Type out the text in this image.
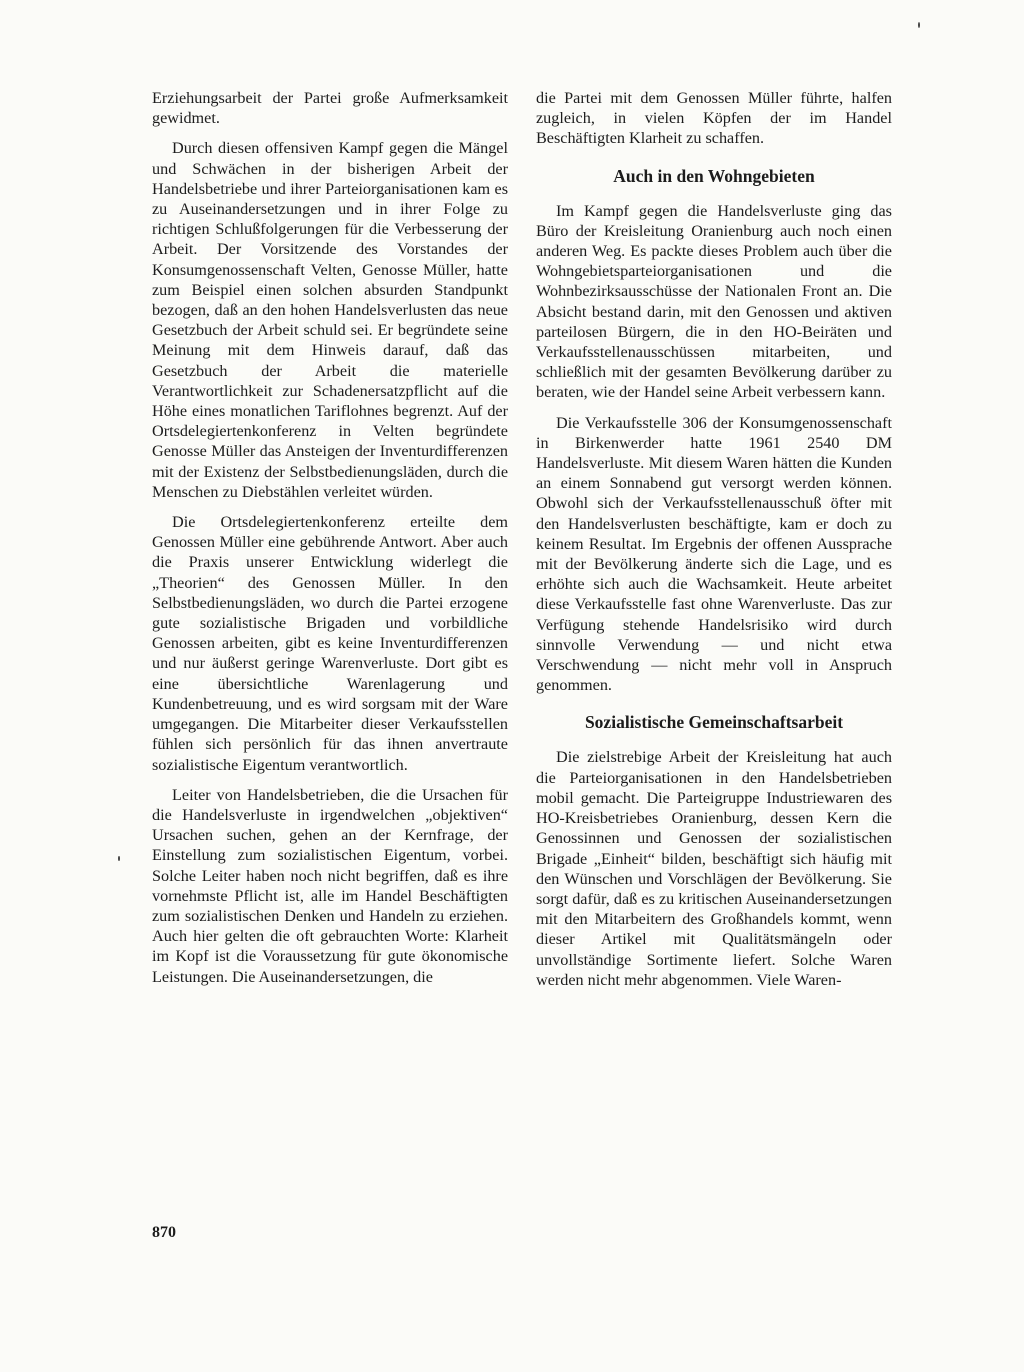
Erziehungsarbeit der Partei große Aufmerksamkeit gewidmet.

Durch diesen offensiven Kampf gegen die Mängel und Schwächen in der bisherigen Arbeit der Handelsbetriebe und ihrer Parteiorganisationen kam es zu Auseinandersetzungen und in ihrer Folge zu richtigen Schlußfolgerungen für die Verbesserung der Arbeit. Der Vorsitzende des Vorstandes der Konsumgenossenschaft Velten, Genosse Müller, hatte zum Beispiel einen solchen absurden Standpunkt bezogen, daß an den hohen Handelsverlusten das neue Gesetzbuch der Arbeit schuld sei. Er begründete seine Meinung mit dem Hinweis darauf, daß das Gesetzbuch der Arbeit die materielle Verantwortlichkeit zur Schadenersatzpflicht auf die Höhe eines monatlichen Tariflohnes begrenzt. Auf der Ortsdelegiertenkonferenz in Velten begründete Genosse Müller das Ansteigen der Inventurdifferenzen mit der Existenz der Selbstbedienungsläden, durch die Menschen zu Diebstählen verleitet würden.

Die Ortsdelegiertenkonferenz erteilte dem Genossen Müller eine gebührende Antwort. Aber auch die Praxis unserer Entwicklung widerlegt die „Theorien“ des Genossen Müller. In den Selbstbedienungsläden, wo durch die Partei erzogene gute sozialistische Brigaden und vorbildliche Genossen arbeiten, gibt es keine Inventurdifferenzen und nur äußerst geringe Warenverluste. Dort gibt es eine übersichtliche Warenlagerung und Kundenbetreuung, und es wird sorgsam mit der Ware umgegangen. Die Mitarbeiter dieser Verkaufsstellen fühlen sich persönlich für das ihnen anvertraute sozialistische Eigentum verantwortlich.

Leiter von Handelsbetrieben, die die Ursachen für die Handelsverluste in irgendwelchen „objektiven“ Ursachen suchen, gehen an der Kernfrage, der Einstellung zum sozialistischen Eigentum, vorbei. Solche Leiter haben noch nicht begriffen, daß es ihre vornehmste Pflicht ist, alle im Handel Beschäftigten zum sozialistischen Denken und Handeln zu erziehen. Auch hier gelten die oft gebrauchten Worte: Klarheit im Kopf ist die Voraussetzung für gute ökonomische Leistungen. Die Auseinandersetzungen, die

die Partei mit dem Genossen Müller führte, halfen zugleich, in vielen Köpfen der im Handel Beschäftigten Klarheit zu schaffen.

Auch in den Wohngebieten

Im Kampf gegen die Handelsverluste ging das Büro der Kreisleitung Oranienburg auch noch einen anderen Weg. Es packte dieses Problem auch über die Wohngebietsparteiorganisationen und die Wohnbezirksausschüsse der Nationalen Front an. Die Absicht bestand darin, mit den Genossen und aktiven parteilosen Bürgern, die in den HO-Beiräten und Verkaufsstellenausschüssen mitarbeiten, und schließlich mit der gesamten Bevölkerung darüber zu beraten, wie der Handel seine Arbeit verbessern kann.

Die Verkaufsstelle 306 der Konsumgenossenschaft in Birkenwerder hatte 1961 2540 DM Handelsverluste. Mit diesem Waren hätten die Kunden an einem Sonnabend gut versorgt werden können. Obwohl sich der Verkaufsstellenausschuß öfter mit den Handelsverlusten beschäftigte, kam er doch zu keinem Resultat. Im Ergebnis der offenen Aussprache mit der Bevölkerung änderte sich die Lage, und es erhöhte sich auch die Wachsamkeit. Heute arbeitet diese Verkaufsstelle fast ohne Warenverluste. Das zur Verfügung stehende Handelsrisiko wird durch sinnvolle Verwendung — und nicht etwa Verschwendung — nicht mehr voll in Anspruch genommen.

Sozialistische Gemeinschaftsarbeit

Die zielstrebige Arbeit der Kreisleitung hat auch die Parteiorganisationen in den Handelsbetrieben mobil gemacht. Die Parteigruppe Industriewaren des HO-Kreisbetriebes Oranienburg, dessen Kern die Genossinnen und Genossen der sozialistischen Brigade „Einheit“ bilden, beschäftigt sich häufig mit den Wünschen und Vorschlägen der Bevölkerung. Sie sorgt dafür, daß es zu kritischen Auseinandersetzungen mit den Mitarbeitern des Großhandels kommt, wenn dieser Artikel mit Qualitätsmängeln oder unvollständige Sortimente liefert. Solche Waren werden nicht mehr abgenommen. Viele Waren-

870
